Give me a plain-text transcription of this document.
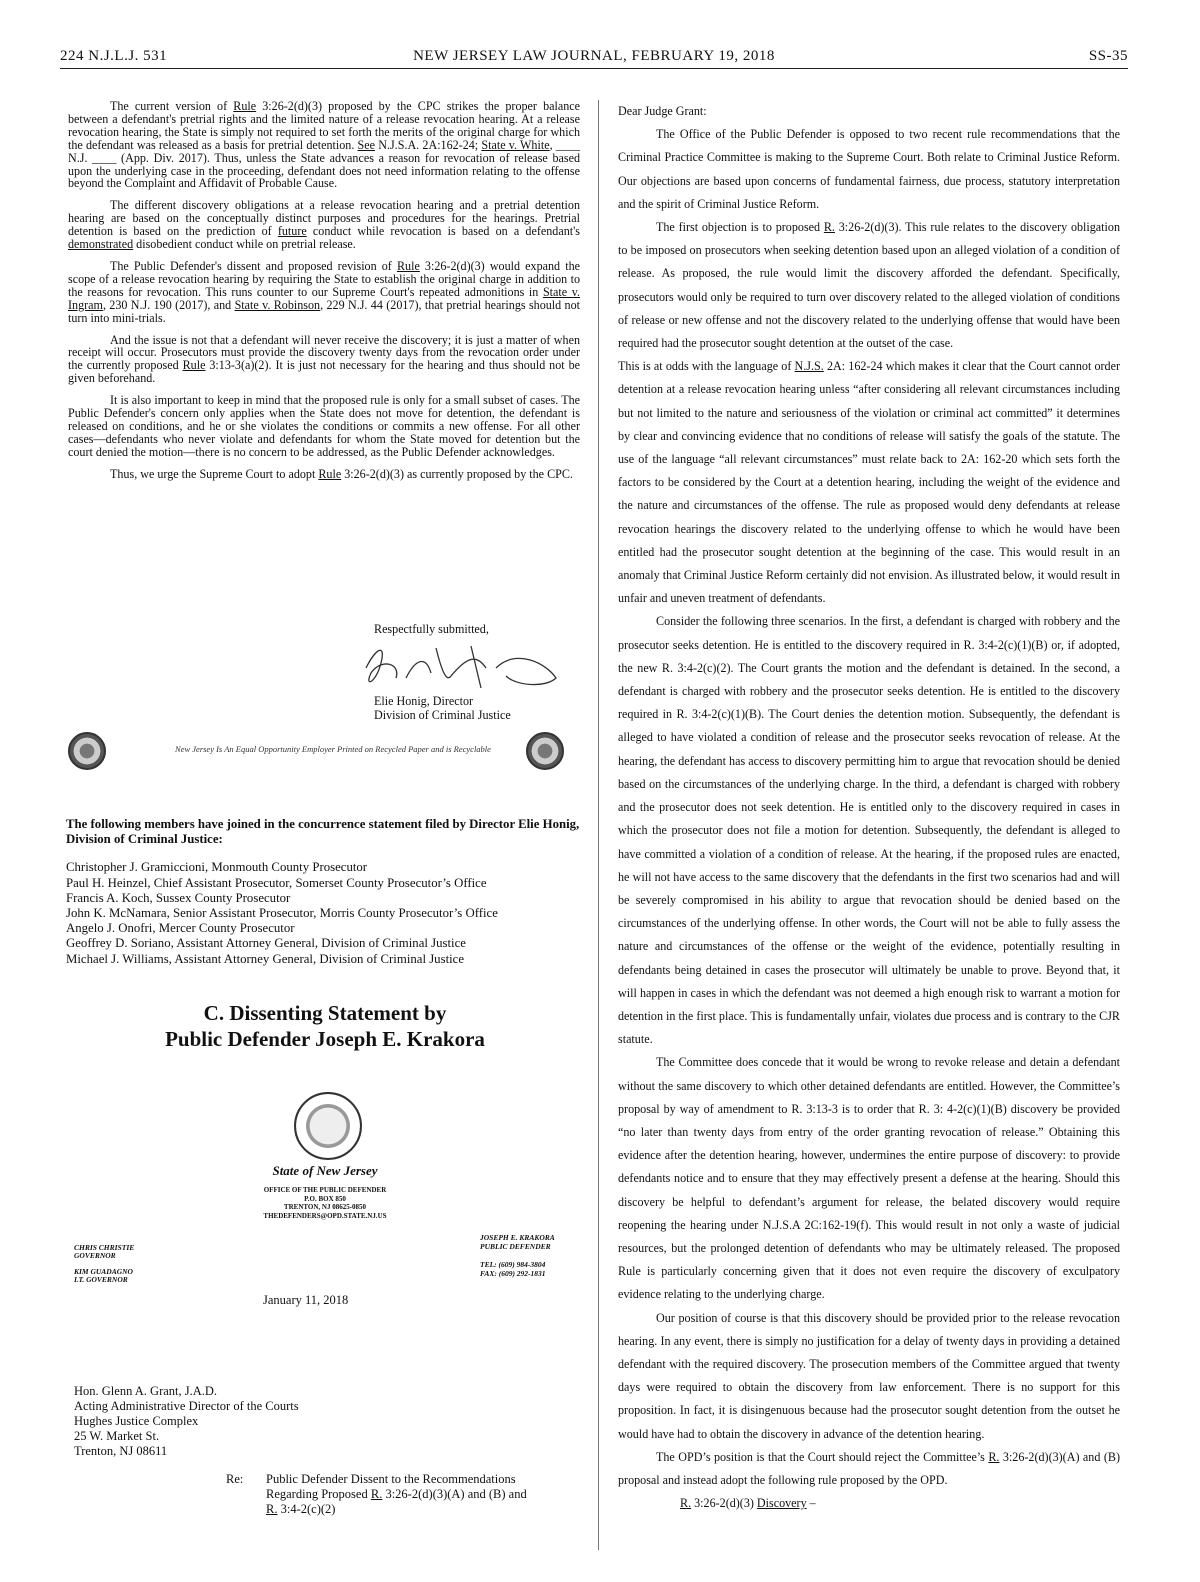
224 N.J.L.J. 531	NEW JERSEY LAW JOURNAL, FEBRUARY 19, 2018	SS-35

The current version of Rule 3:26-2(d)(3) proposed by the CPC strikes the proper balance between a defendant's pretrial rights and the limited nature of a release revocation hearing. At a release revocation hearing, the State is simply not required to set forth the merits of the original charge for which the defendant was released as a basis for pretrial detention. See N.J.S.A. 2A:162-24; State v. White, ____ N.J. ____ (App. Div. 2017). Thus, unless the State advances a reason for revocation of release based upon the underlying case in the proceeding, defendant does not need information relating to the offense beyond the Complaint and Affidavit of Probable Cause.

The different discovery obligations at a release revocation hearing and a pretrial detention hearing are based on the conceptually distinct purposes and procedures for the hearings. Pretrial detention is based on the prediction of future conduct while revocation is based on a defendant's demonstrated disobedient conduct while on pretrial release.

The Public Defender's dissent and proposed revision of Rule 3:26-2(d)(3) would expand the scope of a release revocation hearing by requiring the State to establish the original charge in addition to the reasons for revocation. This runs counter to our Supreme Court's repeated admonitions in State v. Ingram, 230 N.J. 190 (2017), and State v. Robinson, 229 N.J. 44 (2017), that pretrial hearings should not turn into mini-trials.

And the issue is not that a defendant will never receive the discovery; it is just a matter of when receipt will occur. Prosecutors must provide the discovery twenty days from the revocation order under the currently proposed Rule 3:13-3(a)(2). It is just not necessary for the hearing and thus should not be given beforehand.

It is also important to keep in mind that the proposed rule is only for a small subset of cases. The Public Defender's concern only applies when the State does not move for detention, the defendant is released on conditions, and he or she violates the conditions or commits a new offense. For all other cases—defendants who never violate and defendants for whom the State moved for detention but the court denied the motion—there is no concern to be addressed, as the Public Defender acknowledges.

Thus, we urge the Supreme Court to adopt Rule 3:26-2(d)(3) as currently proposed by the CPC.

Respectfully submitted,
Elie Honig, Director
Division of Criminal Justice
New Jersey Is An Equal Opportunity Employer Printed on Recycled Paper and is Recyclable
The following members have joined in the concurrence statement filed by Director Elie Honig, Division of Criminal Justice:
Christopher J. Gramiccioni, Monmouth County Prosecutor
Paul H. Heinzel, Chief Assistant Prosecutor, Somerset County Prosecutor’s Office
Francis A. Koch, Sussex County Prosecutor
John K. McNamara, Senior Assistant Prosecutor, Morris County Prosecutor’s Office
Angelo J. Onofri, Mercer County Prosecutor
Geoffrey D. Soriano, Assistant Attorney General, Division of Criminal Justice
Michael J. Williams, Assistant Attorney General, Division of Criminal Justice
C. Dissenting Statement by
Public Defender Joseph E. Krakora
State of New Jersey
OFFICE OF THE PUBLIC DEFENDER
P.O. BOX 850
TRENTON, NJ 08625-0850
THEDEFENDERS@OPD.STATE.NJ.US
CHRIS CHRISTIE
GOVERNOR
KIM GUADAGNO
LT. GOVERNOR
JOSEPH E. KRAKORA
PUBLIC DEFENDER
TEL: (609) 984-3804
FAX: (609) 292-1831
January 11, 2018
Hon. Glenn A. Grant, J.A.D.
Acting Administrative Director of the Courts
Hughes Justice Complex
25 W. Market St.
Trenton, NJ 08611
Re: Public Defender Dissent to the Recommendations
Regarding Proposed R. 3:26-2(d)(3)(A) and (B) and
R. 3:4-2(c)(2)

Dear Judge Grant:

The Office of the Public Defender is opposed to two recent rule recommendations that the Criminal Practice Committee is making to the Supreme Court. Both relate to Criminal Justice Reform. Our objections are based upon concerns of fundamental fairness, due process, statutory interpretation and the spirit of Criminal Justice Reform.

The first objection is to proposed R. 3:26-2(d)(3). This rule relates to the discovery obligation to be imposed on prosecutors when seeking detention based upon an alleged violation of a condition of release. As proposed, the rule would limit the discovery afforded the defendant. Specifically, prosecutors would only be required to turn over discovery related to the alleged violation of conditions of release or new offense and not the discovery related to the underlying offense that would have been required had the prosecutor sought detention at the outset of the case.

This is at odds with the language of N.J.S. 2A: 162-24 which makes it clear that the Court cannot order detention at a release revocation hearing unless “after considering all relevant circumstances including but not limited to the nature and seriousness of the violation or criminal act committed” it determines by clear and convincing evidence that no conditions of release will satisfy the goals of the statute. The use of the language “all relevant circumstances” must relate back to 2A: 162-20 which sets forth the factors to be considered by the Court at a detention hearing, including the weight of the evidence and the nature and circumstances of the offense. The rule as proposed would deny defendants at release revocation hearings the discovery related to the underlying offense to which he would have been entitled had the prosecutor sought detention at the beginning of the case. This would result in an anomaly that Criminal Justice Reform certainly did not envision. As illustrated below, it would result in unfair and uneven treatment of defendants.

Consider the following three scenarios. In the first, a defendant is charged with robbery and the prosecutor seeks detention. He is entitled to the discovery required in R. 3:4-2(c)(1)(B) or, if adopted, the new R. 3:4-2(c)(2). The Court grants the motion and the defendant is detained. In the second, a defendant is charged with robbery and the prosecutor seeks detention. He is entitled to the discovery required in R. 3:4-2(c)(1)(B). The Court denies the detention motion. Subsequently, the defendant is alleged to have violated a condition of release and the prosecutor seeks revocation of release. At the hearing, the defendant has access to discovery permitting him to argue that revocation should be denied based on the circumstances of the underlying charge. In the third, a defendant is charged with robbery and the prosecutor does not seek detention. He is entitled only to the discovery required in cases in which the prosecutor does not file a motion for detention. Subsequently, the defendant is alleged to have committed a violation of a condition of release. At the hearing, if the proposed rules are enacted, he will not have access to the same discovery that the defendants in the first two scenarios had and will be severely compromised in his ability to argue that revocation should be denied based on the circumstances of the underlying offense. In other words, the Court will not be able to fully assess the nature and circumstances of the offense or the weight of the evidence, potentially resulting in defendants being detained in cases the prosecutor will ultimately be unable to prove. Beyond that, it will happen in cases in which the defendant was not deemed a high enough risk to warrant a motion for detention in the first place. This is fundamentally unfair, violates due process and is contrary to the CJR statute.

The Committee does concede that it would be wrong to revoke release and detain a defendant without the same discovery to which other detained defendants are entitled. However, the Committee’s proposal by way of amendment to R. 3:13-3 is to order that R. 3: 4-2(c)(1)(B) discovery be provided “no later than twenty days from entry of the order granting revocation of release.” Obtaining this evidence after the detention hearing, however, undermines the entire purpose of discovery: to provide defendants notice and to ensure that they may effectively present a defense at the hearing. Should this discovery be helpful to defendant’s argument for release, the belated discovery would require reopening the hearing under N.J.S.A 2C:162-19(f). This would result in not only a waste of judicial resources, but the prolonged detention of defendants who may be ultimately released. The proposed Rule is particularly concerning given that it does not even require the discovery of exculpatory evidence relating to the underlying charge.

Our position of course is that this discovery should be provided prior to the release revocation hearing. In any event, there is simply no justification for a delay of twenty days in providing a detained defendant with the required discovery. The prosecution members of the Committee argued that twenty days were required to obtain the discovery from law enforcement. There is no support for this proposition. In fact, it is disingenuous because had the prosecutor sought detention from the outset he would have had to obtain the discovery in advance of the detention hearing.

The OPD’s position is that the Court should reject the Committee’s R. 3:26-2(d)(3)(A) and (B) proposal and instead adopt the following rule proposed by the OPD.

R. 3:26-2(d)(3) Discovery –
